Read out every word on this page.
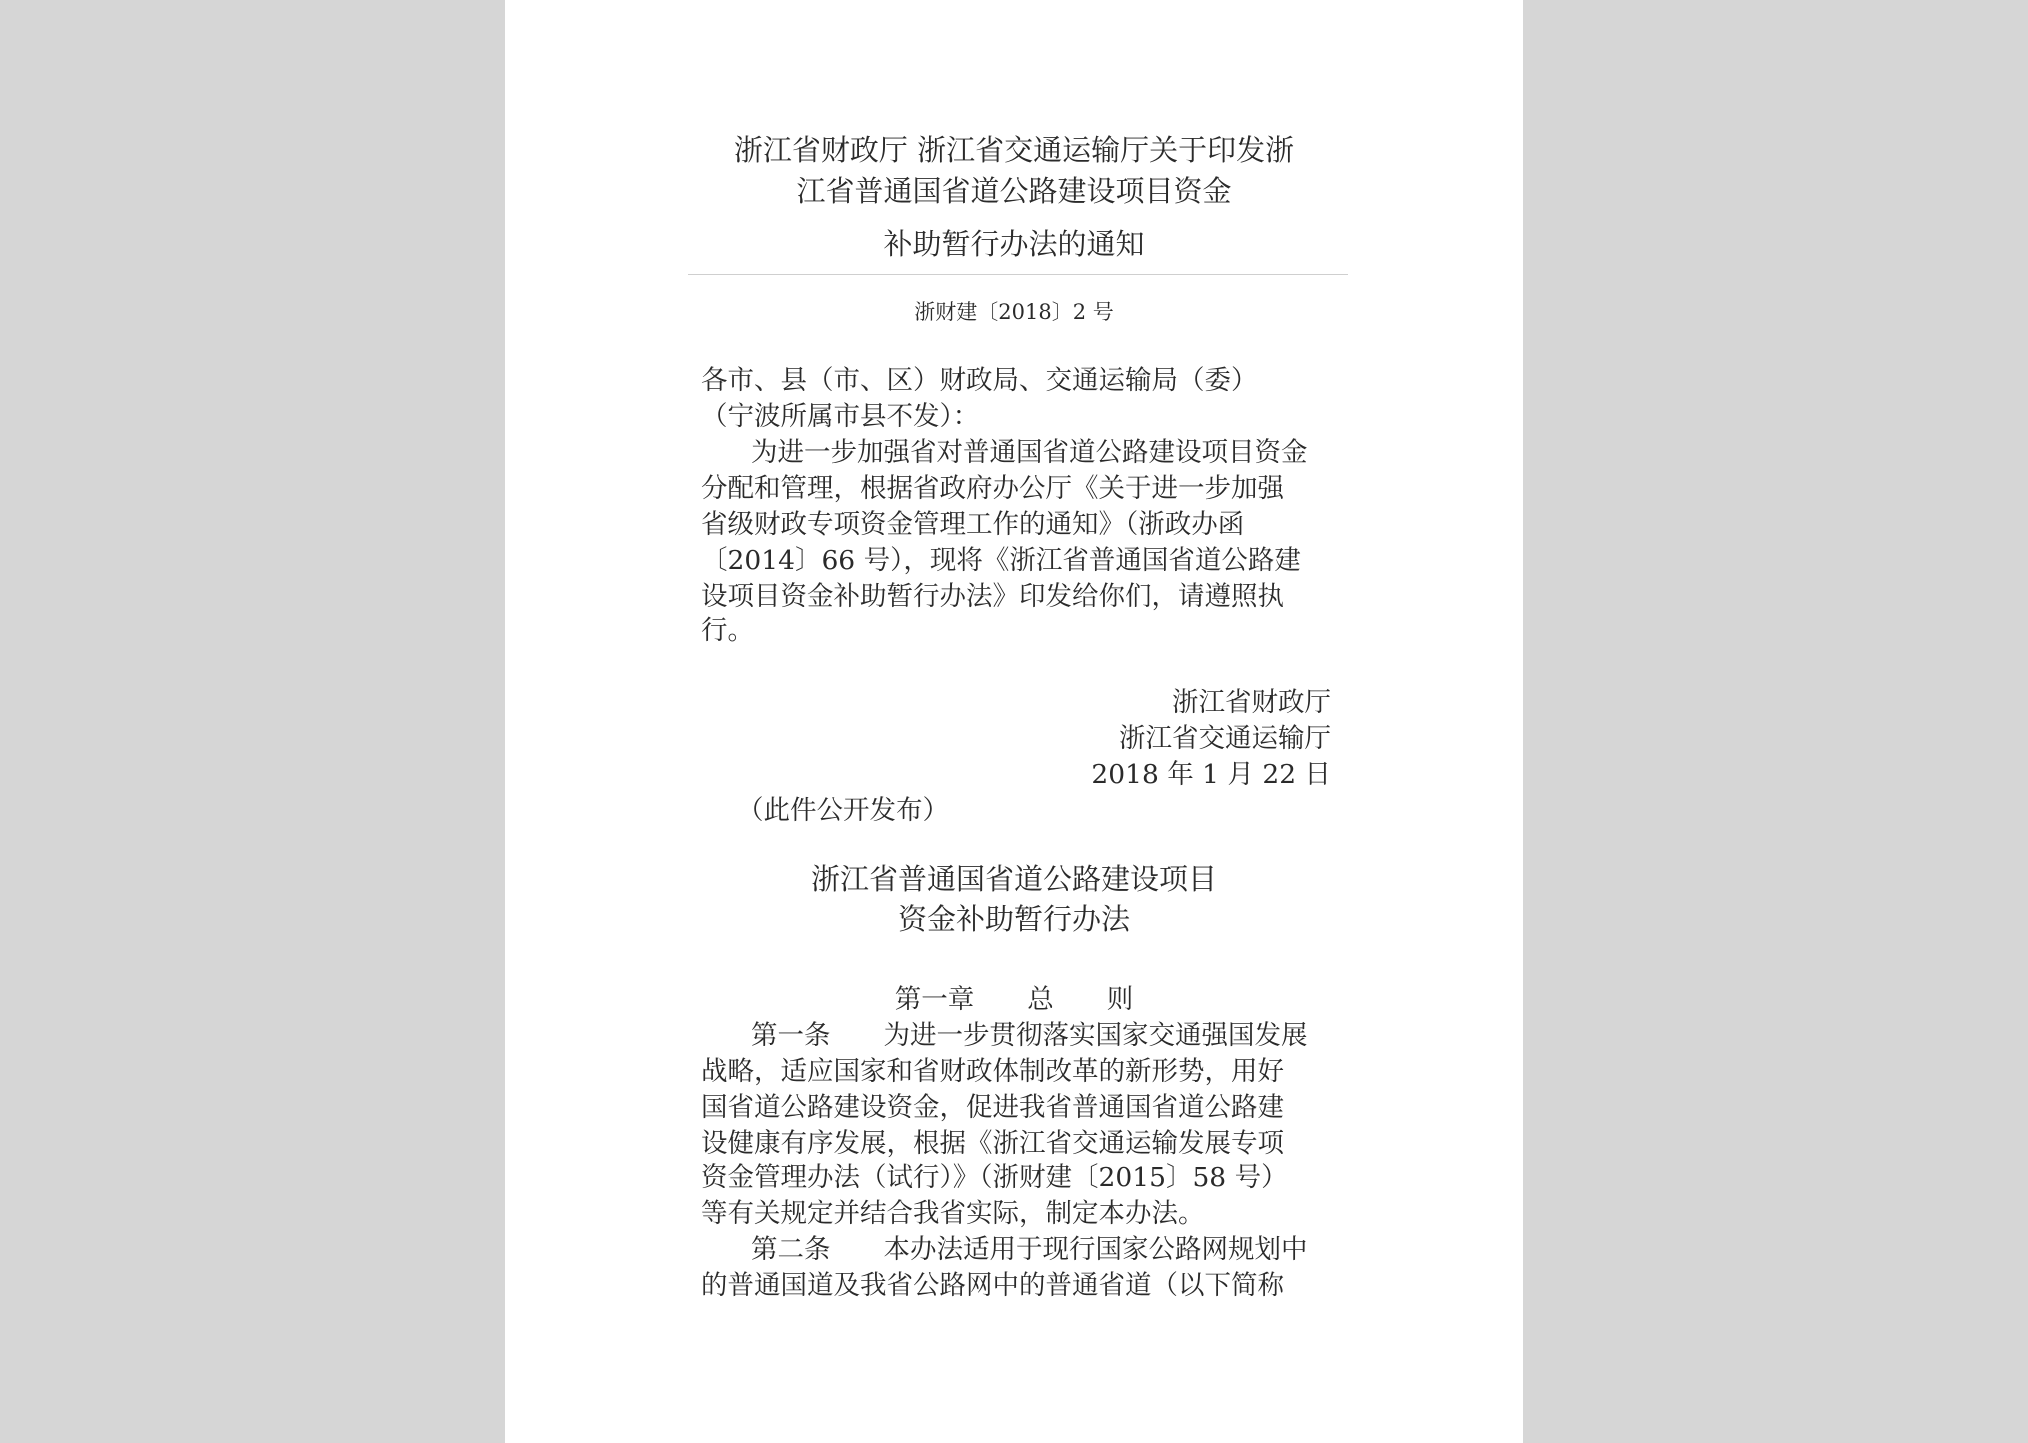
浙江省财政厅 浙江省交通运输厅关于印发浙
江省普通国省道公路建设项目资金
补助暂行办法的通知
浙财建〔2018〕2 号
各市、县（市、区）财政局、交通运输局（委）
（宁波所属市县不发）：
为进一步加强省对普通国省道公路建设项目资金
分配和管理，根据省政府办公厅《关于进一步加强
省级财政专项资金管理工作的通知》（浙政办函
〔2014〕66 号），现将《浙江省普通国省道公路建
设项目资金补助暂行办法》印发给你们，请遵照执
行。
浙江省财政厅
浙江省交通运输厅
2018 年 1 月 22 日
（此件公开发布）
浙江省普通国省道公路建设项目
资金补助暂行办法
第一章　　总　　则
第一条　　为进一步贯彻落实国家交通强国发展
战略，适应国家和省财政体制改革的新形势，用好
国省道公路建设资金，促进我省普通国省道公路建
设健康有序发展，根据《浙江省交通运输发展专项
资金管理办法（试行）》（浙财建〔2015〕58 号）
等有关规定并结合我省实际，制定本办法。
第二条　　本办法适用于现行国家公路网规划中
的普通国道及我省公路网中的普通省道（以下简称
